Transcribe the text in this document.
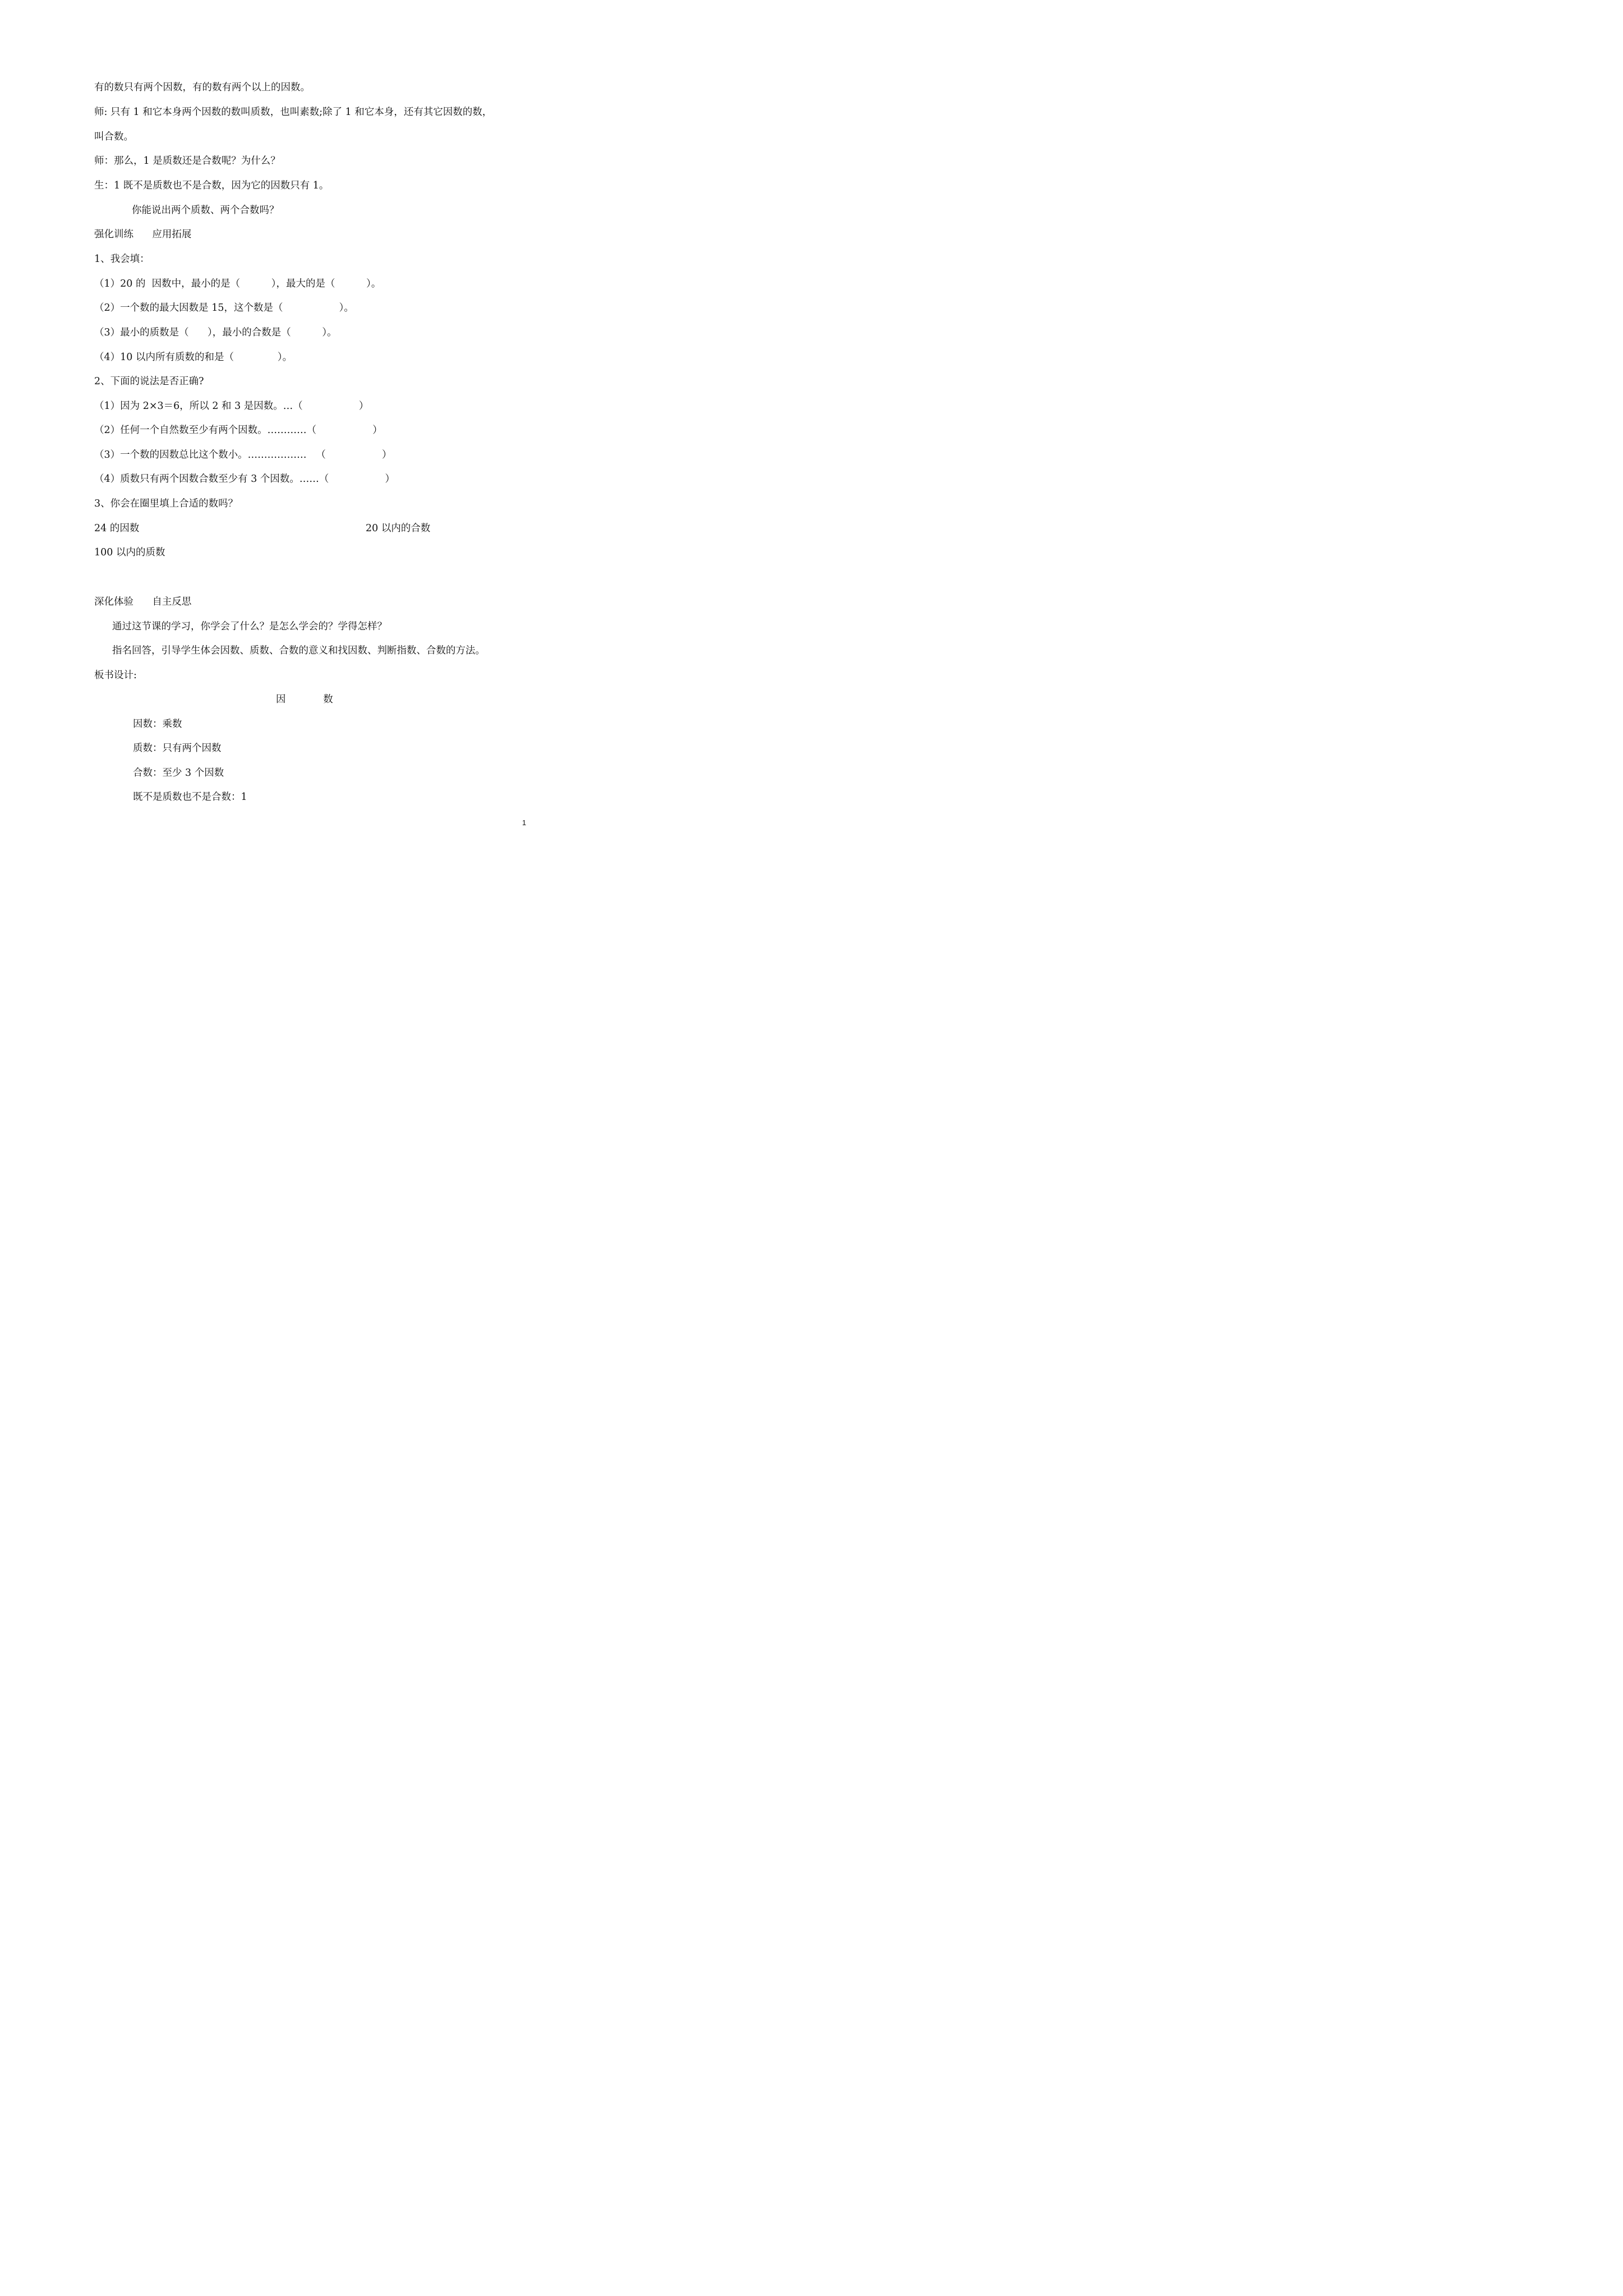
有的数只有两个因数，有的数有两个以上的因数。
师: 只有 1 和它本身两个因数的数叫质数，也叫素数;除了 1 和它本身，还有其它因数的数，
叫合数。
师：那么，1 是质数还是合数呢？为什么？
生：1 既不是质数也不是合数，因为它的因数只有 1。
你能说出两个质数、两个合数吗？
强化训练      应用拓展
1、我会填：
（1）20 的  因数中，最小的是（          ），最大的是（          ）。
（2）一个数的最大因数是 15，这个数是（                  ）。
（3）最小的质数是（      ），最小的合数是（          ）。
（4）10 以内所有质数的和是（              ）。
2、下面的说法是否正确?
（1）因为 2×3＝6，所以 2 和 3 是因数。…（                  ）
（2）任何一个自然数至少有两个因数。…………（                  ）
（3）一个数的因数总比这个数小。………………   （                  ）
（4）质数只有两个因数合数至少有 3 个因数。……（                  ）
3、你会在圈里填上合适的数吗？
24 的因数	20 以内的合数
100 以内的质数
深化体验      自主反思
通过这节课的学习，你学会了什么？是怎么学会的？学得怎样？
指名回答，引导学生体会因数、质数、合数的意义和找因数、判断指数、合数的方法。
板书设计:
因            数
因数：乘数
质数：只有两个因数
合数：至少 3 个因数
既不是质数也不是合数：1
1
